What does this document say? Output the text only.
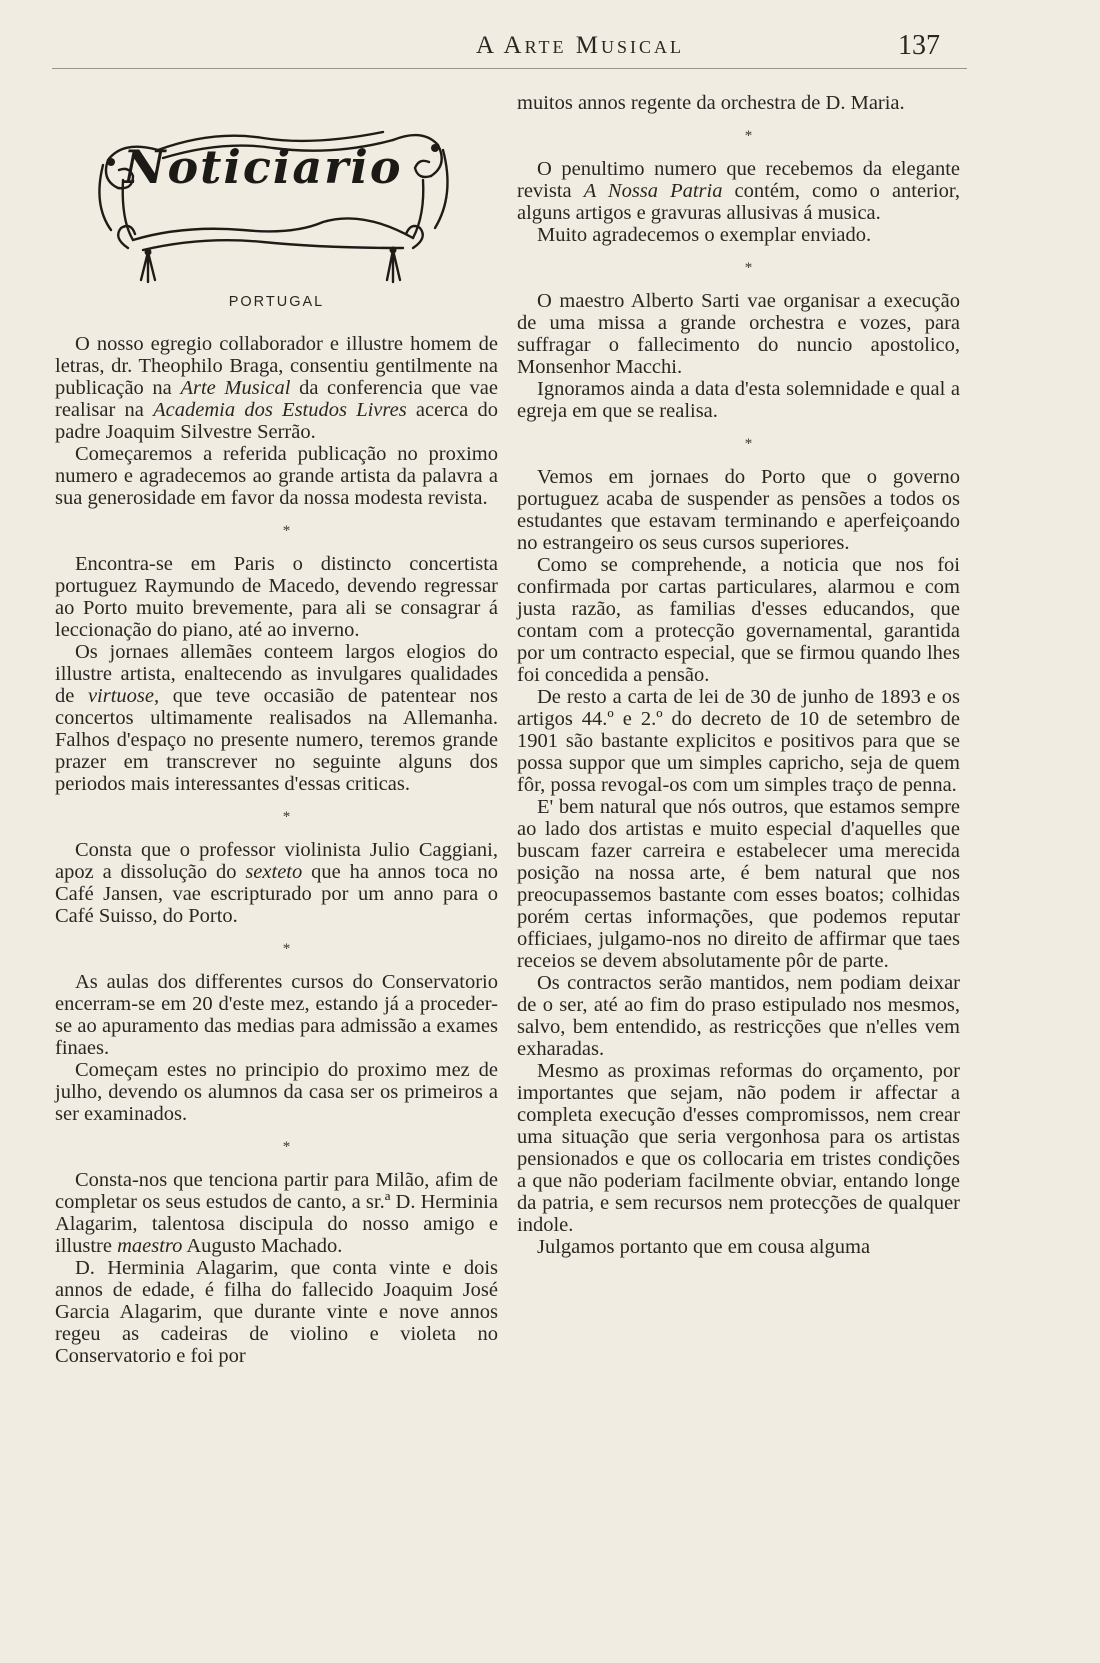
A Arte Musical	137
Noticiario
PORTUGAL

O nosso egregio collaborador e illustre homem de letras, dr. Theophilo Braga, consentiu gentilmente na publicação na Arte Musical da conferencia que vae realisar na Academia dos Estudos Livres acerca do padre Joaquim Silvestre Serrão.

Começaremos a referida publicação no proximo numero e agradecemos ao grande artista da palavra a sua generosidade em favor da nossa modesta revista.

*

Encontra-se em Paris o distincto concertista portuguez Raymundo de Macedo, devendo regressar ao Porto muito brevemente, para ali se consagrar á leccionação do piano, até ao inverno.

Os jornaes allemães conteem largos elogios do illustre artista, enaltecendo as invulgares qualidades de virtuose, que teve occasião de patentear nos concertos ultimamente realisados na Allemanha. Falhos d'espaço no presente numero, teremos grande prazer em transcrever no seguinte alguns dos periodos mais interessantes d'essas criticas.

*

Consta que o professor violinista Julio Caggiani, apoz a dissolução do sexteto que ha annos toca no Café Jansen, vae escripturado por um anno para o Café Suisso, do Porto.

*

As aulas dos differentes cursos do Conservatorio encerram-se em 20 d'este mez, estando já a proceder-se ao apuramento das medias para admissão a exames finaes.

Começam estes no principio do proximo mez de julho, devendo os alumnos da casa ser os primeiros a ser examinados.

*

Consta-nos que tenciona partir para Milão, afim de completar os seus estudos de canto, a sr.ª D. Herminia Alagarim, talentosa discipula do nosso amigo e illustre maestro Augusto Machado.

D. Herminia Alagarim, que conta vinte e dois annos de edade, é filha do fallecido Joaquim José Garcia Alagarim, que durante vinte e nove annos regeu as cadeiras de violino e violeta no Conservatorio e foi por

muitos annos regente da orchestra de D. Maria.

*

O penultimo numero que recebemos da elegante revista A Nossa Patria contém, como o anterior, alguns artigos e gravuras allusivas á musica.

Muito agradecemos o exemplar enviado.

*

O maestro Alberto Sarti vae organisar a execução de uma missa a grande orchestra e vozes, para suffragar o fallecimento do nuncio apostolico, Monsenhor Macchi.

Ignoramos ainda a data d'esta solemnidade e qual a egreja em que se realisa.

*

Vemos em jornaes do Porto que o governo portuguez acaba de suspender as pensões a todos os estudantes que estavam terminando e aperfeiçoando no estrangeiro os seus cursos superiores.

Como se comprehende, a noticia que nos foi confirmada por cartas particulares, alarmou e com justa razão, as familias d'esses educandos, que contam com a protecção governamental, garantida por um contracto especial, que se firmou quando lhes foi concedida a pensão.

De resto a carta de lei de 30 de junho de 1893 e os artigos 44.º e 2.º do decreto de 10 de setembro de 1901 são bastante explicitos e positivos para que se possa suppor que um simples capricho, seja de quem fôr, possa revogal-os com um simples traço de penna.

E' bem natural que nós outros, que estamos sempre ao lado dos artistas e muito especial d'aquelles que buscam fazer carreira e estabelecer uma merecida posição na nossa arte, é bem natural que nos preocupassemos bastante com esses boatos; colhidas porém certas informações, que podemos reputar officiaes, julgamo-nos no direito de affirmar que taes receios se devem absolutamente pôr de parte.

Os contractos serão mantidos, nem podiam deixar de o ser, até ao fim do praso estipulado nos mesmos, salvo, bem entendido, as restricções que n'elles vem exharadas.

Mesmo as proximas reformas do orçamento, por importantes que sejam, não podem ir affectar a completa execução d'esses compromissos, nem crear uma situação que seria vergonhosa para os artistas pensionados e que os collocaria em tristes condições a que não poderiam facilmente obviar, entando longe da patria, e sem recursos nem protecções de qualquer indole.

Julgamos portanto que em cousa alguma
